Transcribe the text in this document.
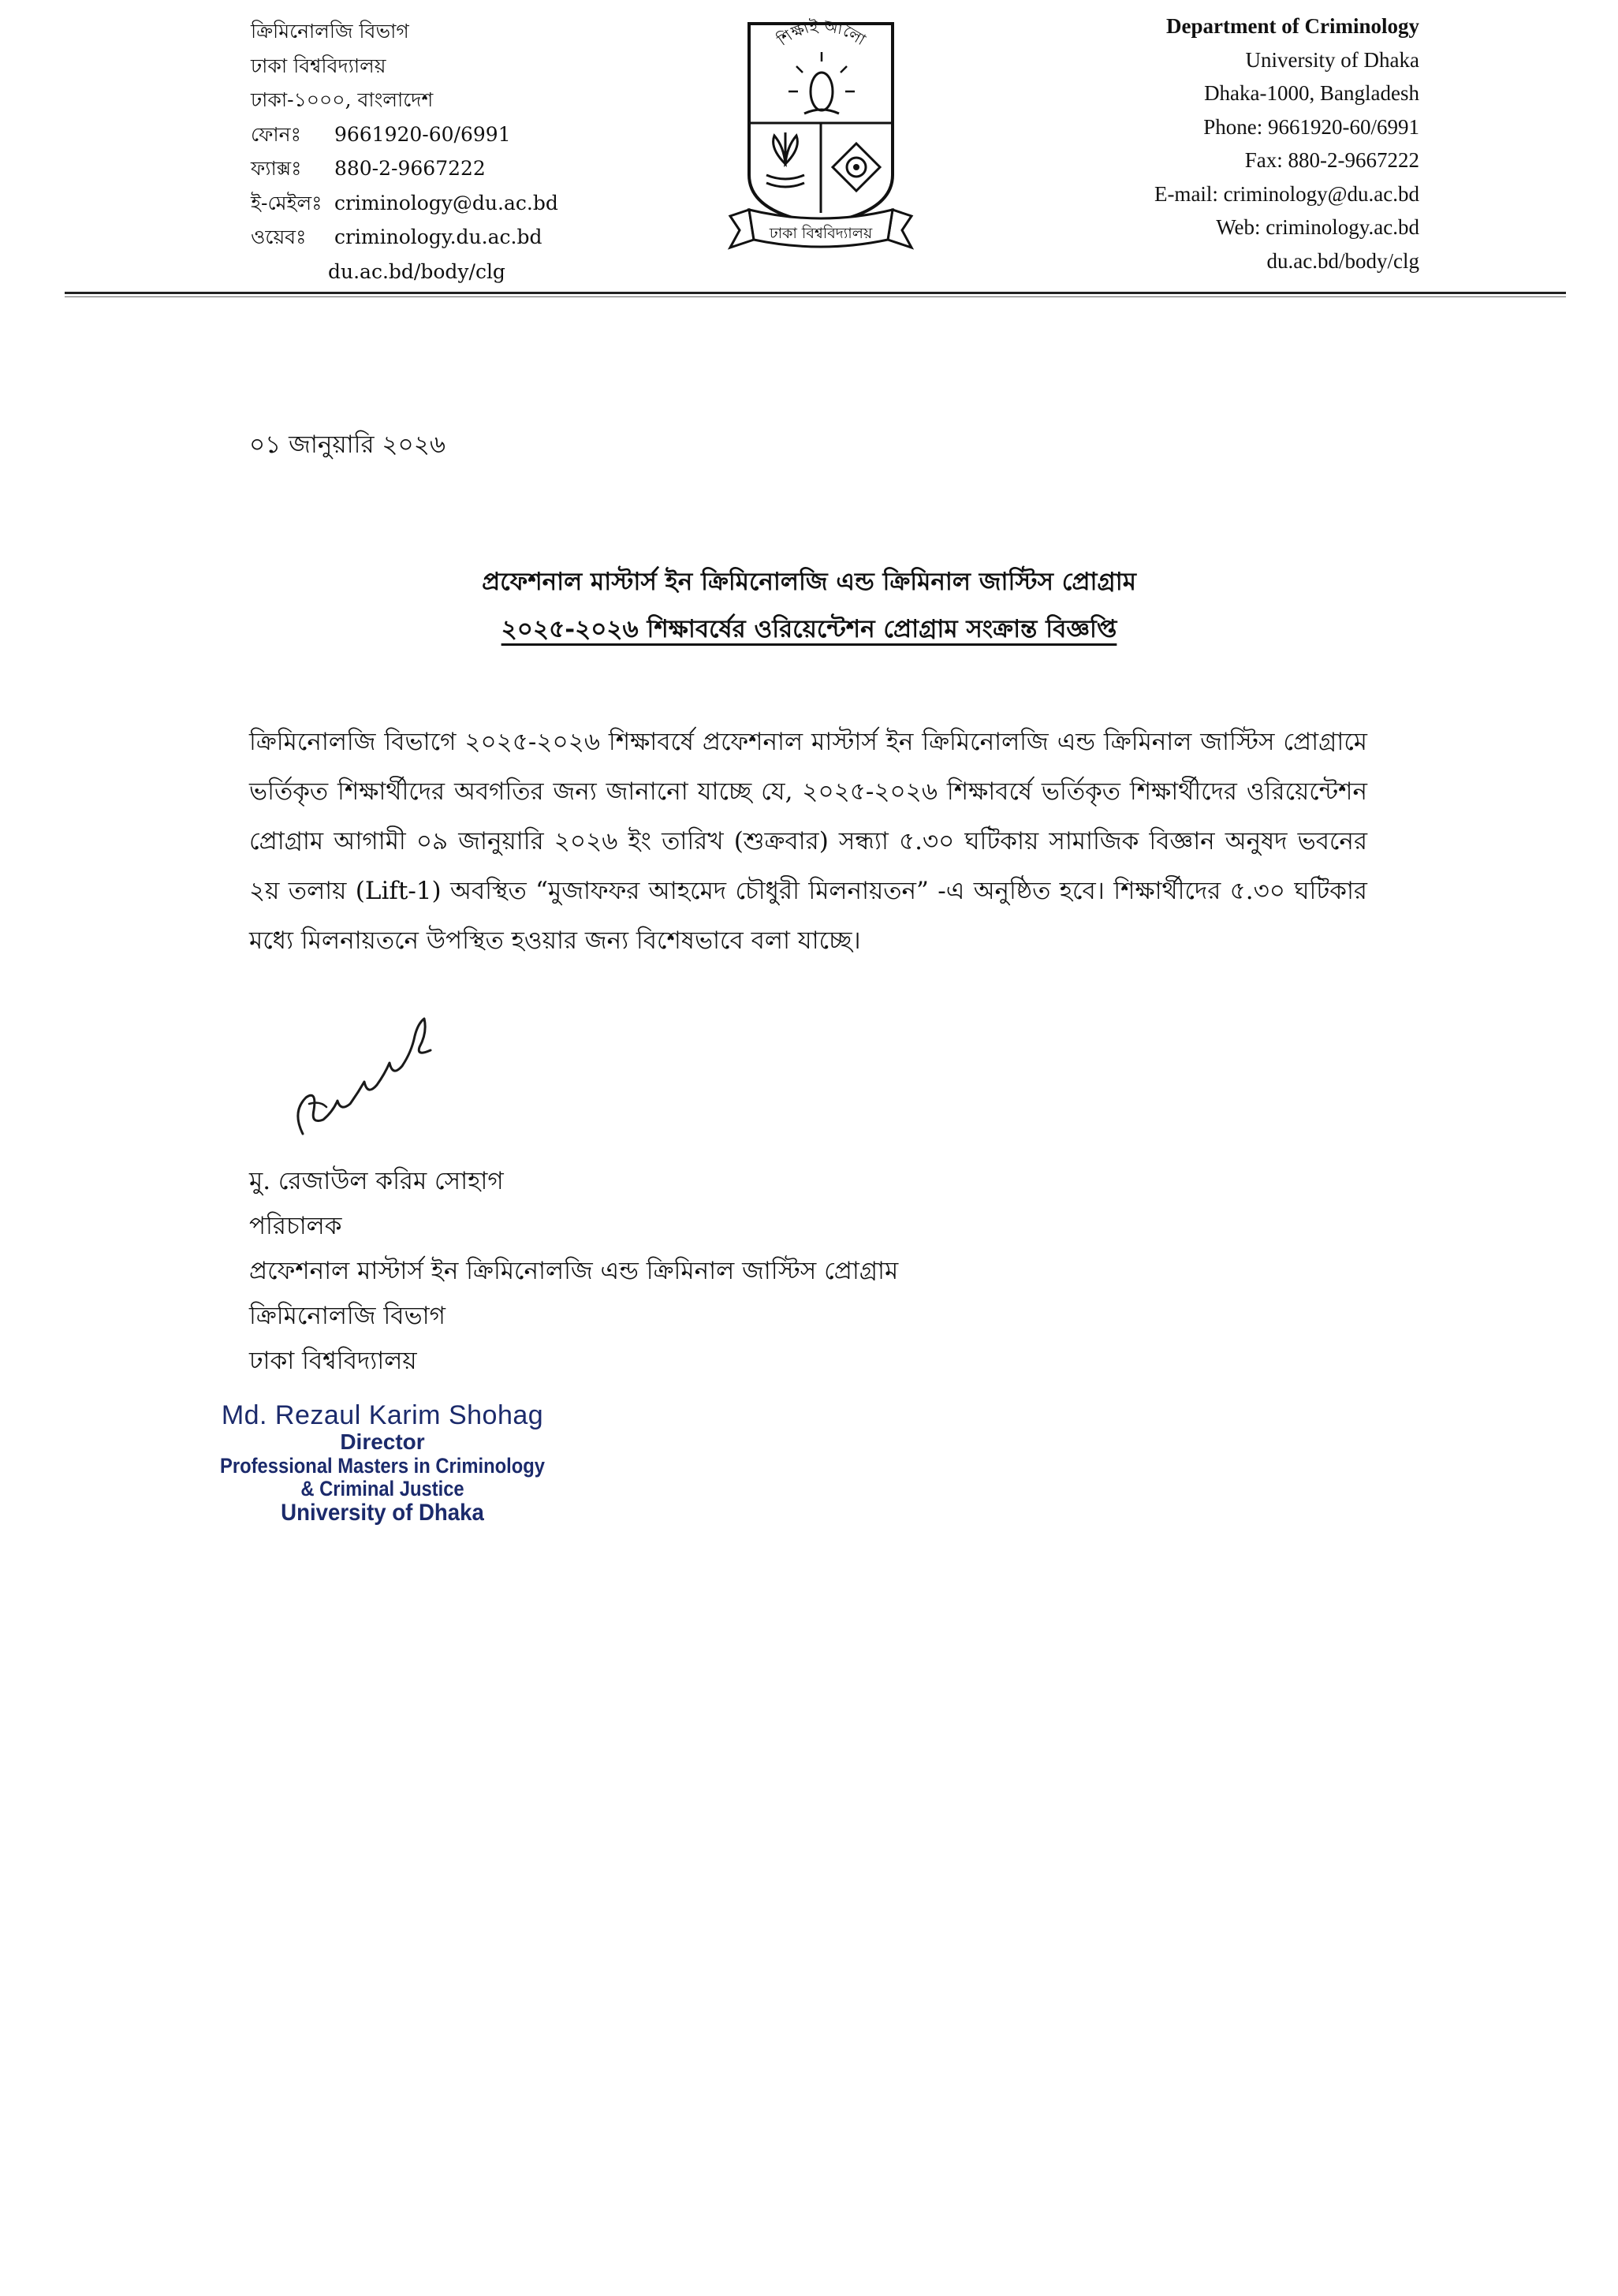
ক্রিমিনোলজি বিভাগ
ঢাকা বিশ্ববিদ্যালয়
ঢাকা-১০০০, বাংলাদেশ
ফোনঃ 9661920-60/6991
ফ্যাক্সঃ 880-2-9667222
ই-মেইলঃ criminology@du.ac.bd
ওয়েবঃ criminology.du.ac.bd
du.ac.bd/body/clg
শিক্ষাই আলো
ঢাকা বিশ্ববিদ্যালয়
Department of Criminology
University of Dhaka
Dhaka-1000, Bangladesh
Phone: 9661920-60/6991
Fax: 880-2-9667222
E-mail: criminology@du.ac.bd
Web: criminology.ac.bd
du.ac.bd/body/clg
০১ জানুয়ারি ২০২৬
প্রফেশনাল মাস্টার্স ইন ক্রিমিনোলজি এন্ড ক্রিমিনাল জাস্টিস প্রোগ্রাম
২০২৫-২০২৬ শিক্ষাবর্ষের ওরিয়েন্টেশন প্রোগ্রাম সংক্রান্ত বিজ্ঞপ্তি
ক্রিমিনোলজি বিভাগে ২০২৫-২০২৬ শিক্ষাবর্ষে প্রফেশনাল মাস্টার্স ইন ক্রিমিনোলজি এন্ড ক্রিমিনাল জাস্টিস প্রোগ্রামে ভর্তিকৃত শিক্ষার্থীদের অবগতির জন্য জানানো যাচ্ছে যে, ২০২৫-২০২৬ শিক্ষাবর্ষে ভর্তিকৃত শিক্ষার্থীদের ওরিয়েন্টেশন প্রোগ্রাম আগামী ০৯ জানুয়ারি ২০২৬ ইং তারিখ (শুক্রবার) সন্ধ্যা ৫.৩০ ঘটিকায় সামাজিক বিজ্ঞান অনুষদ ভবনের ২য় তলায় (Lift-1) অবস্থিত “মুজাফফর আহমেদ চৌধুরী মিলনায়তন” -এ অনুষ্ঠিত হবে। শিক্ষার্থীদের ৫.৩০ ঘটিকার মধ্যে মিলনায়তনে উপস্থিত হওয়ার জন্য বিশেষভাবে বলা যাচ্ছে।
মু. রেজাউল করিম সোহাগ
পরিচালক
প্রফেশনাল মাস্টার্স ইন ক্রিমিনোলজি এন্ড ক্রিমিনাল জাস্টিস প্রোগ্রাম
ক্রিমিনোলজি বিভাগ
ঢাকা বিশ্ববিদ্যালয়
Md. Rezaul Karim Shohag
Director
Professional Masters in Criminology
& Criminal Justice
University of Dhaka
